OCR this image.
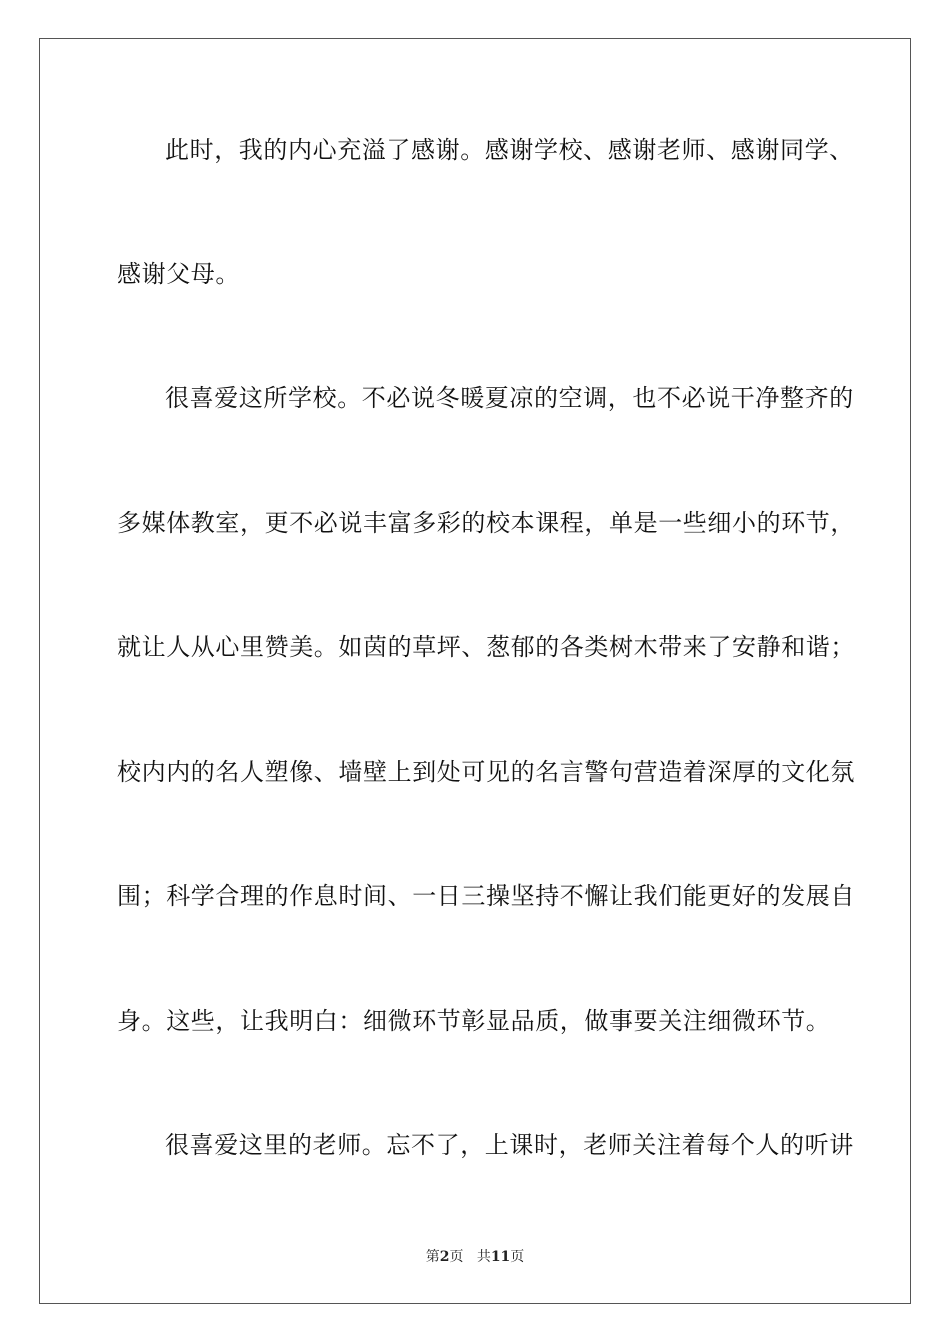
此时，我的内心充溢了感谢。感谢学校、感谢老师、感谢同学、
感谢父母。
很喜爱这所学校。不必说冬暖夏凉的空调，也不必说干净整齐的
多媒体教室，更不必说丰富多彩的校本课程，单是一些细小的环节，
就让人从心里赞美。如茵的草坪、葱郁的各类树木带来了安静和谐；
校内内的名人塑像、墙壁上到处可见的名言警句营造着深厚的文化氛
围；科学合理的作息时间、一日三操坚持不懈让我们能更好的发展自
身。这些，让我明白：细微环节彰显品质，做事要关注细微环节。
很喜爱这里的老师。忘不了，上课时，老师关注着每个人的听讲
第2页 共11页
